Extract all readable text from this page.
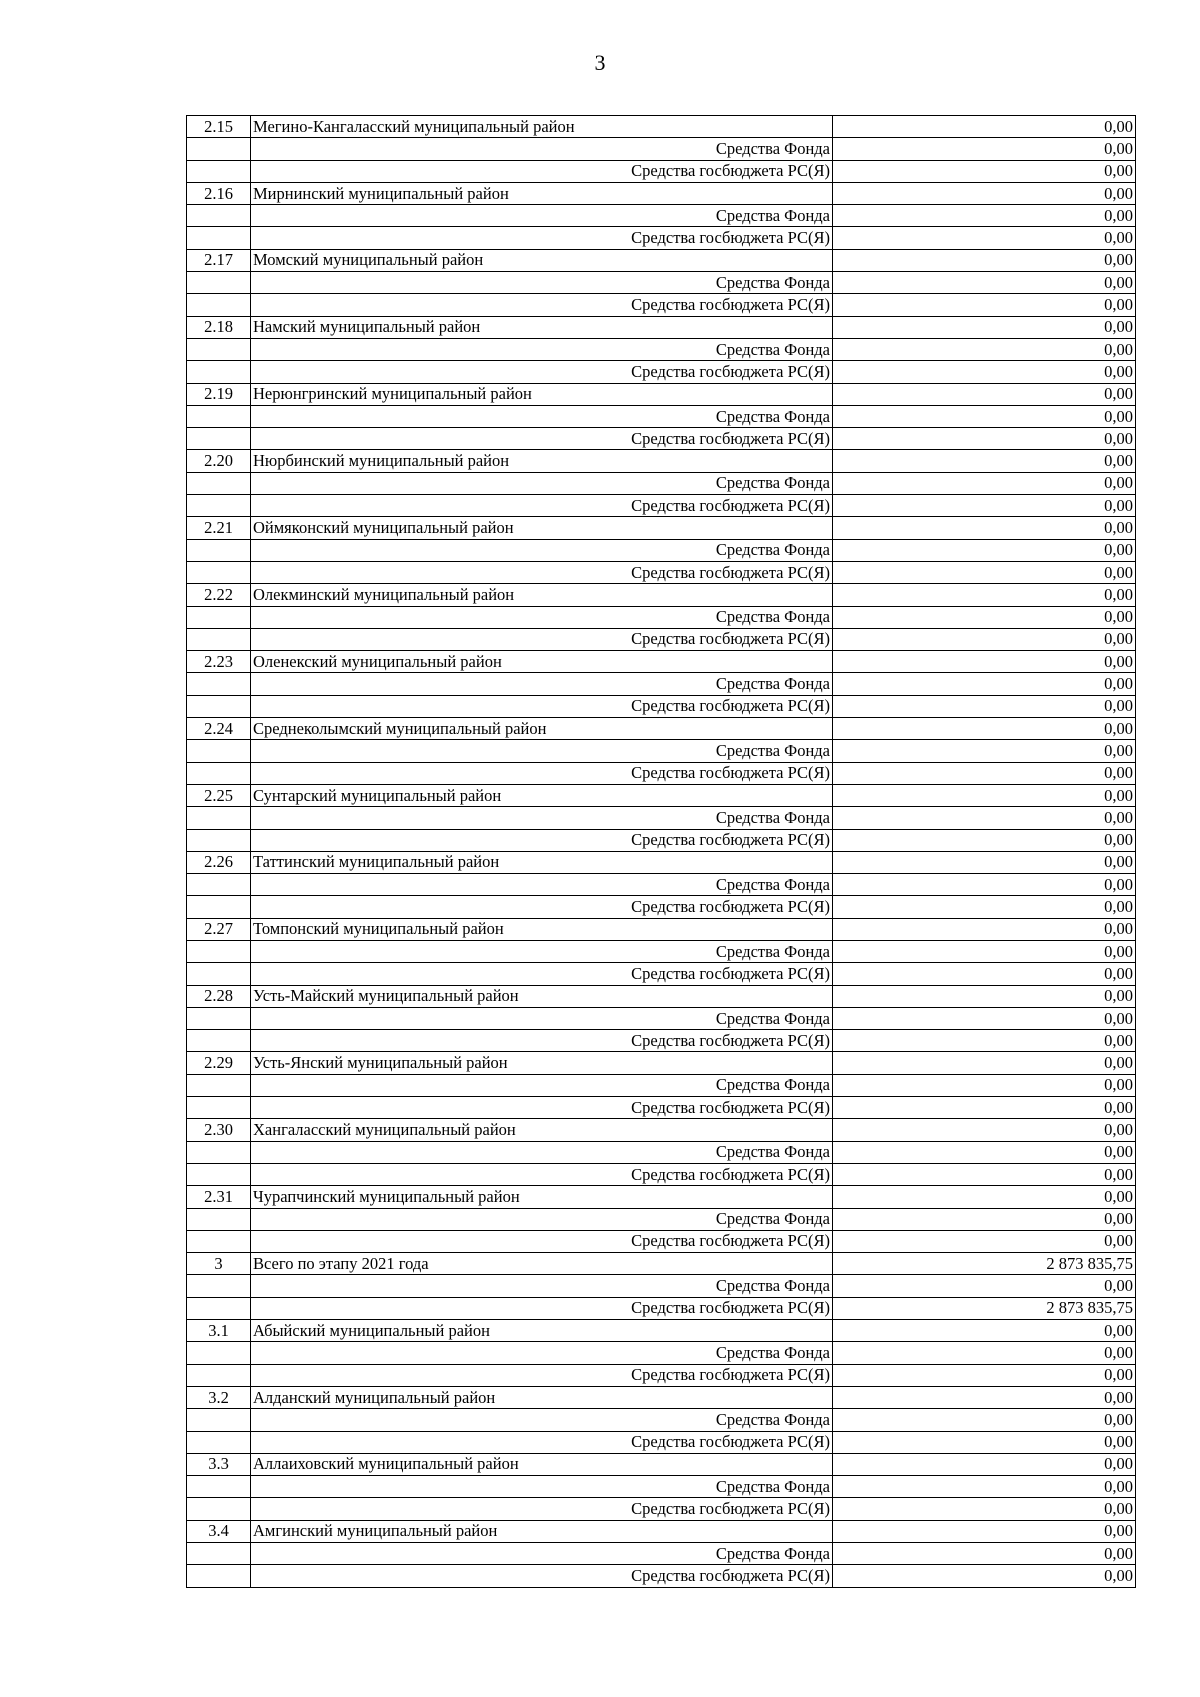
3
2.15	Мегино-Кангаласский муниципальный район	0,00
	Средства Фонда	0,00
	Средства госбюджета РС(Я)	0,00
2.16	Мирнинский муниципальный район	0,00
	Средства Фонда	0,00
	Средства госбюджета РС(Я)	0,00
2.17	Момский муниципальный район	0,00
	Средства Фонда	0,00
	Средства госбюджета РС(Я)	0,00
2.18	Намский муниципальный район	0,00
	Средства Фонда	0,00
	Средства госбюджета РС(Я)	0,00
2.19	Нерюнгринский муниципальный район	0,00
	Средства Фонда	0,00
	Средства госбюджета РС(Я)	0,00
2.20	Нюрбинский муниципальный район	0,00
	Средства Фонда	0,00
	Средства госбюджета РС(Я)	0,00
2.21	Оймяконский муниципальный район	0,00
	Средства Фонда	0,00
	Средства госбюджета РС(Я)	0,00
2.22	Олекминский муниципальный район	0,00
	Средства Фонда	0,00
	Средства госбюджета РС(Я)	0,00
2.23	Оленекский муниципальный район	0,00
	Средства Фонда	0,00
	Средства госбюджета РС(Я)	0,00
2.24	Среднеколымский муниципальный район	0,00
	Средства Фонда	0,00
	Средства госбюджета РС(Я)	0,00
2.25	Сунтарский муниципальный район	0,00
	Средства Фонда	0,00
	Средства госбюджета РС(Я)	0,00
2.26	Таттинский муниципальный район	0,00
	Средства Фонда	0,00
	Средства госбюджета РС(Я)	0,00
2.27	Томпонский муниципальный район	0,00
	Средства Фонда	0,00
	Средства госбюджета РС(Я)	0,00
2.28	Усть-Майский муниципальный район	0,00
	Средства Фонда	0,00
	Средства госбюджета РС(Я)	0,00
2.29	Усть-Янский муниципальный район	0,00
	Средства Фонда	0,00
	Средства госбюджета РС(Я)	0,00
2.30	Хангаласский муниципальный район	0,00
	Средства Фонда	0,00
	Средства госбюджета РС(Я)	0,00
2.31	Чурапчинский муниципальный район	0,00
	Средства Фонда	0,00
	Средства госбюджета РС(Я)	0,00
3	Всего по этапу 2021 года	2 873 835,75
	Средства Фонда	0,00
	Средства госбюджета РС(Я)	2 873 835,75
3.1	Абыйский муниципальный район	0,00
	Средства Фонда	0,00
	Средства госбюджета РС(Я)	0,00
3.2	Алданский муниципальный район	0,00
	Средства Фонда	0,00
	Средства госбюджета РС(Я)	0,00
3.3	Аллаиховский муниципальный район	0,00
	Средства Фонда	0,00
	Средства госбюджета РС(Я)	0,00
3.4	Амгинский муниципальный район	0,00
	Средства Фонда	0,00
	Средства госбюджета РС(Я)	0,00
